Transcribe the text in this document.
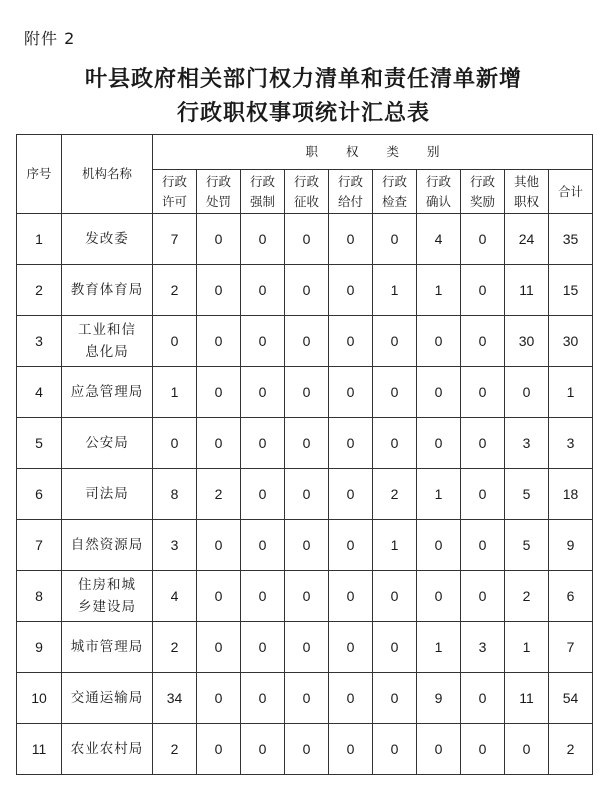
附件 2
叶县政府相关部门权力清单和责任清单新增
行政职权事项统计汇总表
序号	机构名称	职权类别									
		行政许可	行政处罚	行政强制	行政征收	行政给付	行政检查	行政确认	行政奖励	其他职权	合计
1	发改委	7	0	0	0	0	0	4	0	24	35
2	教育体育局	2	0	0	0	0	1	1	0	11	15
3	工业和信息化局	0	0	0	0	0	0	0	0	30	30
4	应急管理局	1	0	0	0	0	0	0	0	0	1
5	公安局	0	0	0	0	0	0	0	0	3	3
6	司法局	8	2	0	0	0	2	1	0	5	18
7	自然资源局	3	0	0	0	0	1	0	0	5	9
8	住房和城乡建设局	4	0	0	0	0	0	0	0	2	6
9	城市管理局	2	0	0	0	0	0	1	3	1	7
10	交通运输局	34	0	0	0	0	0	9	0	11	54
11	农业农村局	2	0	0	0	0	0	0	0	0	2
